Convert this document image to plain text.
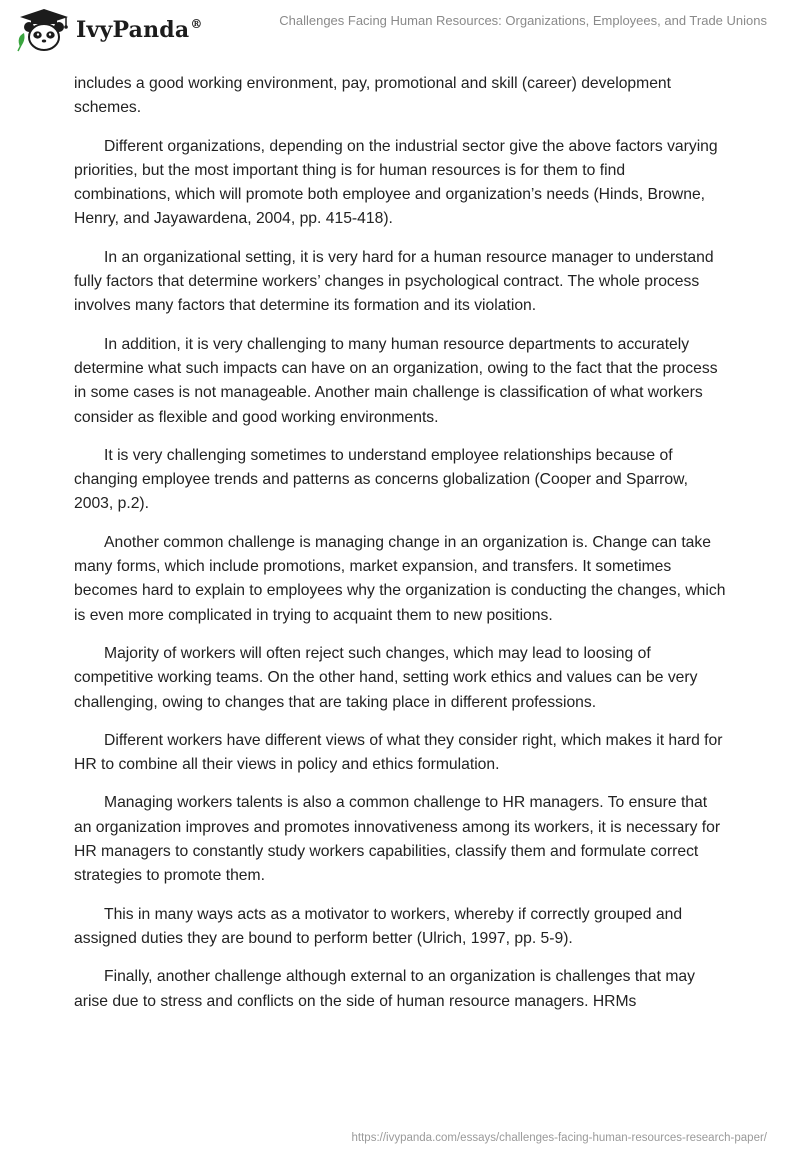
IvyPanda®	Challenges Facing Human Resources: Organizations, Employees, and Trade Unions

includes a good working environment, pay, promotional and skill (career) development schemes.

Different organizations, depending on the industrial sector give the above factors varying priorities, but the most important thing is for human resources is for them to find combinations, which will promote both employee and organization’s needs (Hinds, Browne, Henry, and Jayawardena, 2004, pp. 415-418).

In an organizational setting, it is very hard for a human resource manager to understand fully factors that determine workers’ changes in psychological contract. The whole process involves many factors that determine its formation and its violation.

In addition, it is very challenging to many human resource departments to accurately determine what such impacts can have on an organization, owing to the fact that the process in some cases is not manageable. Another main challenge is classification of what workers consider as flexible and good working environments.

It is very challenging sometimes to understand employee relationships because of changing employee trends and patterns as concerns globalization (Cooper and Sparrow, 2003, p.2).

Another common challenge is managing change in an organization is. Change can take many forms, which include promotions, market expansion, and transfers. It sometimes becomes hard to explain to employees why the organization is conducting the changes, which is even more complicated in trying to acquaint them to new positions.

Majority of workers will often reject such changes, which may lead to loosing of competitive working teams. On the other hand, setting work ethics and values can be very challenging, owing to changes that are taking place in different professions.

Different workers have different views of what they consider right, which makes it hard for HR to combine all their views in policy and ethics formulation.

Managing workers talents is also a common challenge to HR managers. To ensure that an organization improves and promotes innovativeness among its workers, it is necessary for HR managers to constantly study workers capabilities, classify them and formulate correct strategies to promote them.

This in many ways acts as a motivator to workers, whereby if correctly grouped and assigned duties they are bound to perform better (Ulrich, 1997, pp. 5-9).

Finally, another challenge although external to an organization is challenges that may arise due to stress and conflicts on the side of human resource managers. HRMs

https://ivypanda.com/essays/challenges-facing-human-resources-research-paper/
